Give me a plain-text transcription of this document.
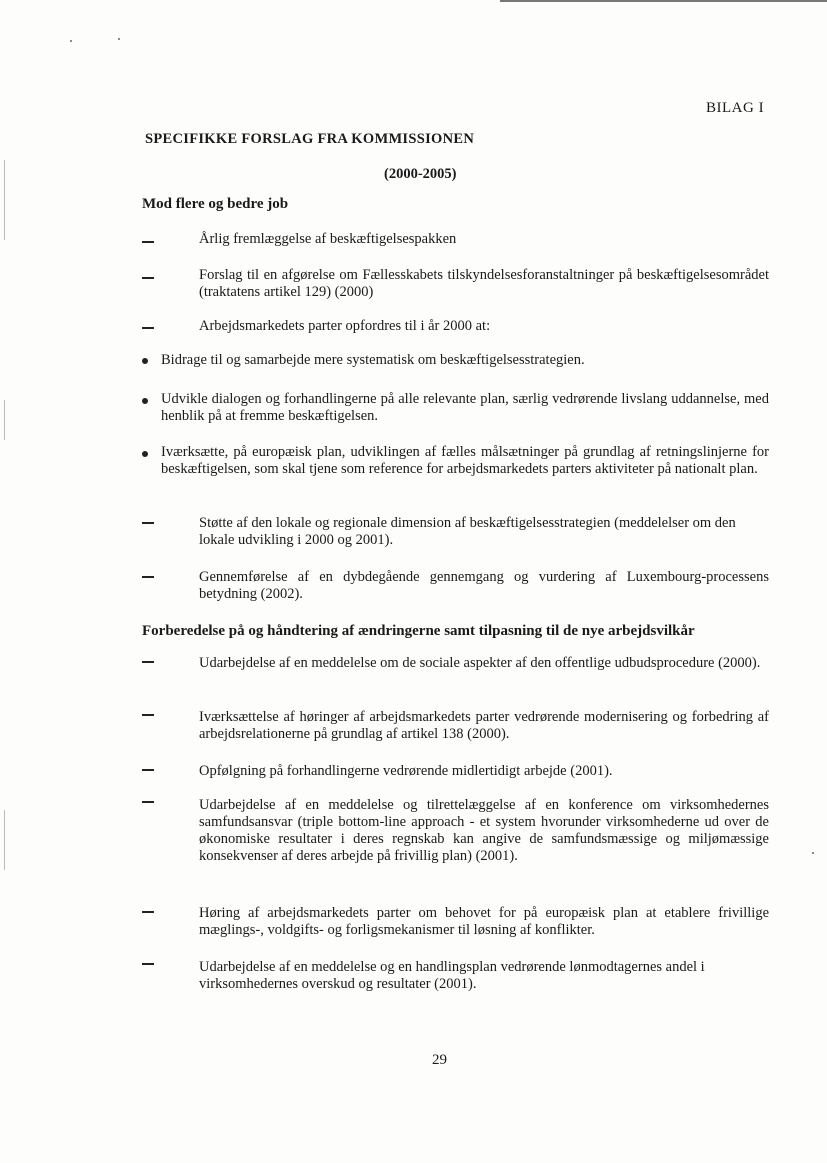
BILAG I
SPECIFIKKE FORSLAG FRA KOMMISSIONEN
(2000-2005)
Mod flere og bedre job
Årlig fremlæggelse af beskæftigelsespakken
Forslag til en afgørelse om Fællesskabets tilskyndelsesforanstaltninger på beskæftigelsesområdet (traktatens artikel 129) (2000)
Arbejdsmarkedets parter opfordres til i år 2000 at:
Bidrage til og samarbejde mere systematisk om beskæftigelsesstrategien.
Udvikle dialogen og forhandlingerne på alle relevante plan, særlig vedrørende livslang uddannelse, med henblik på at fremme beskæftigelsen.
Iværksætte, på europæisk plan, udviklingen af fælles målsætninger på grundlag af retningslinjerne for beskæftigelsen, som skal tjene som reference for arbejdsmarkedets parters aktiviteter på nationalt plan.
Støtte af den lokale og regionale dimension af beskæftigelsesstrategien (meddelelser om den lokale udvikling i 2000 og 2001).
Gennemførelse af en dybdegående gennemgang og vurdering af Luxembourg-processens betydning (2002).
Forberedelse på og håndtering af ændringerne samt tilpasning til de nye arbejdsvilkår
Udarbejdelse af en meddelelse om de sociale aspekter af den offentlige udbudsprocedure (2000).
Iværksættelse af høringer af arbejdsmarkedets parter vedrørende modernisering og forbedring af arbejdsrelationerne på grundlag af artikel 138 (2000).
Opfølgning på forhandlingerne vedrørende midlertidigt arbejde (2001).
Udarbejdelse af en meddelelse og tilrettelæggelse af en konference om virksomhedernes samfundsansvar (triple bottom-line approach - et system hvorunder virksomhederne ud over de økonomiske resultater i deres regnskab kan angive de samfundsmæssige og miljømæssige konsekvenser af deres arbejde på frivillig plan) (2001).
Høring af arbejdsmarkedets parter om behovet for på europæisk plan at etablere frivillige mæglings-, voldgifts- og forligsmekanismer til løsning af konflikter.
Udarbejdelse af en meddelelse og en handlingsplan vedrørende lønmodtagernes andel i virksomhedernes overskud og resultater (2001).
29
